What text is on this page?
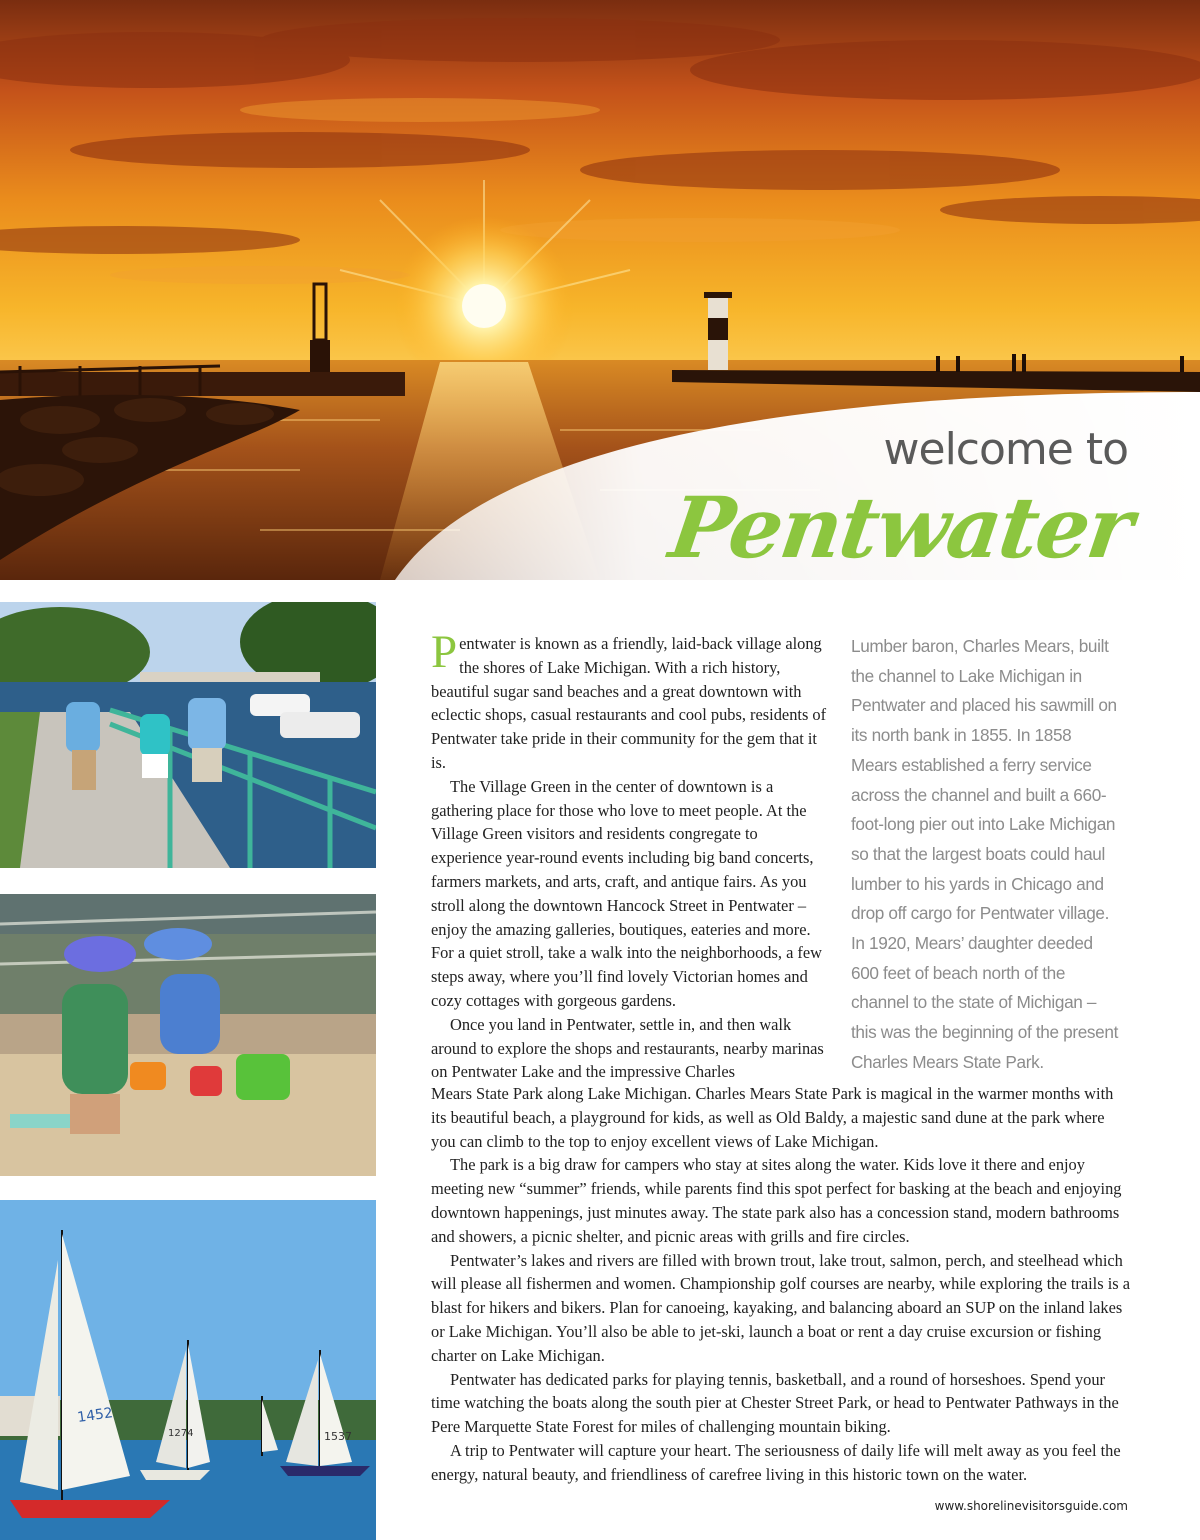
welcome to
Pentwater
1452
1537
1274

Pentwater is known as a friendly, laid-back village along the shores of Lake Michigan. With a rich history, beautiful sugar sand beaches and a great downtown with eclectic shops, casual restaurants and cool pubs, residents of Pentwater take pride in their community for the gem that it is.

The Village Green in the center of downtown is a gathering place for those who love to meet people. At the Village Green visitors and residents congregate to experience year-round events including big band concerts, farmers markets, and arts, craft, and antique fairs. As you stroll along the downtown Hancock Street in Pentwater – enjoy the amazing galleries, boutiques, eateries and more. For a quiet stroll, take a walk into the neighborhoods, a few steps away, where you’ll find lovely Victorian homes and cozy cottages with gorgeous gardens.

Once you land in Pentwater, settle in, and then walk around to explore the shops and restaurants, nearby marinas on Pentwater Lake and the impressive Charles

Mears State Park along Lake Michigan. Charles Mears State Park is magical in the warmer months with its beautiful beach, a playground for kids, as well as Old Baldy, a majestic sand dune at the park where you can climb to the top to enjoy excellent views of Lake Michigan.

The park is a big draw for campers who stay at sites along the water. Kids love it there and enjoy meeting new “summer” friends, while parents find this spot perfect for basking at the beach and enjoying downtown happenings, just minutes away. The state park also has a concession stand, modern bathrooms and showers, a picnic shelter, and picnic areas with grills and fire circles.

Pentwater’s lakes and rivers are filled with brown trout, lake trout, salmon, perch, and steelhead which will please all fishermen and women. Championship golf courses are nearby, while exploring the trails is a blast for hikers and bikers. Plan for canoeing, kayaking, and balancing aboard an SUP on the inland lakes or Lake Michigan. You’ll also be able to jet-ski, launch a boat or rent a day cruise excursion or fishing charter on Lake Michigan.

Pentwater has dedicated parks for playing tennis, basketball, and a round of horseshoes. Spend your time watching the boats along the south pier at Chester Street Park, or head to Pentwater Pathways in the Pere Marquette State Forest for miles of challenging mountain biking.

A trip to Pentwater will capture your heart. The seriousness of daily life will melt away as you feel the energy, natural beauty, and friendliness of carefree living in this historic town on the water.

Lumber baron, Charles Mears, built the channel to Lake Michigan in Pentwater and placed his sawmill on its north bank in 1855. In 1858 Mears established a ferry service across the channel and built a 660-foot-long pier out into Lake Michigan so that the largest boats could haul lumber to his yards in Chicago and drop off cargo for Pentwater village. In 1920, Mears’ daughter deeded 600 feet of beach north of the channel to the state of Michigan – this was the beginning of the present Charles Mears State Park.

www.shorelinevisitorsguide.com
